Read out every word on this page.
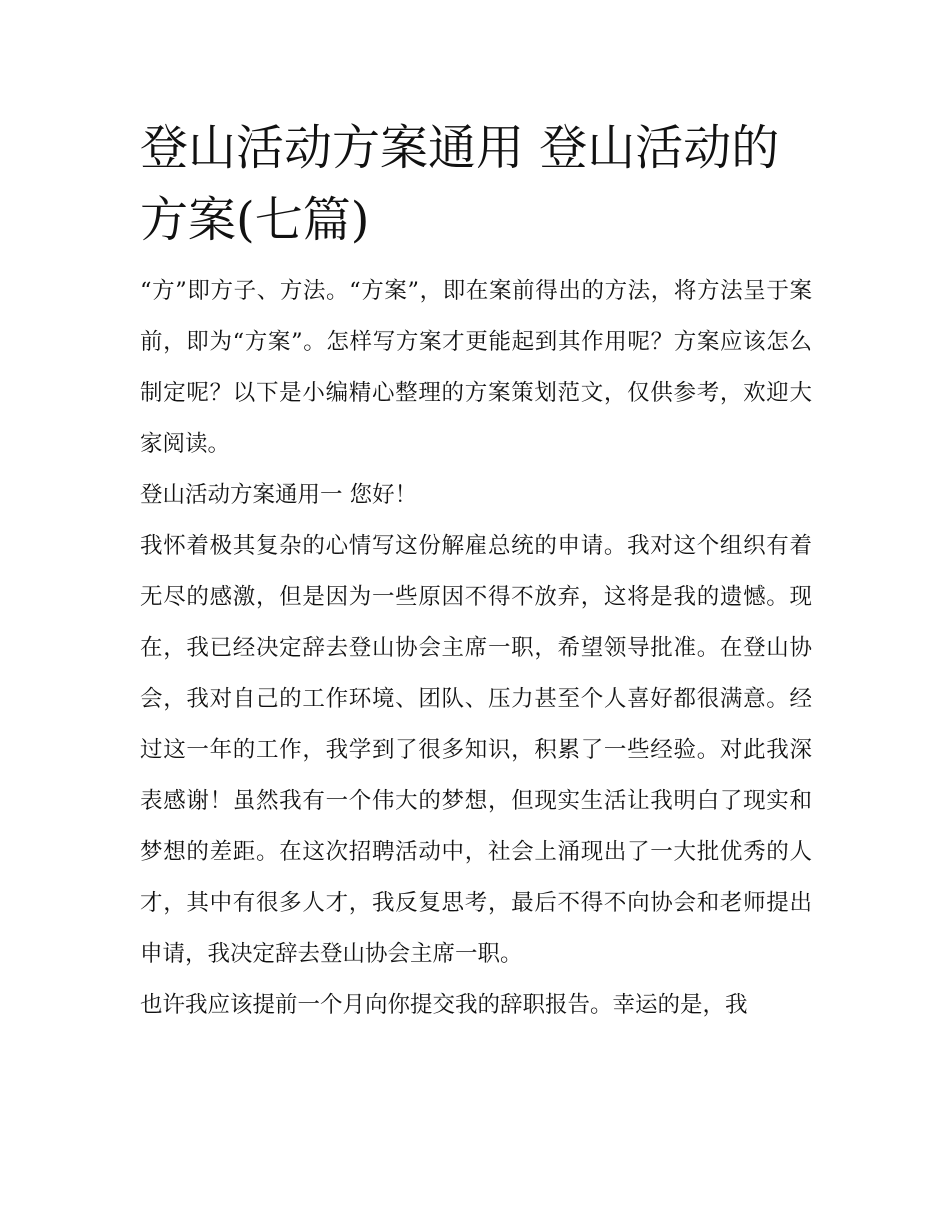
登山活动方案通用 登山活动的方案(七篇)

“方”即方子、方法。“方案”，即在案前得出的方法，将方法呈于案前，即为“方案”。怎样写方案才更能起到其作用呢？方案应该怎么制定呢？以下是小编精心整理的方案策划范文，仅供参考，欢迎大家阅读。

登山活动方案通用一 您好！

我怀着极其复杂的心情写这份解雇总统的申请。我对这个组织有着无尽的感激，但是因为一些原因不得不放弃，这将是我的遗憾。现在，我已经决定辞去登山协会主席一职，希望领导批准。在登山协会，我对自己的工作环境、团队、压力甚至个人喜好都很满意。经过这一年的工作，我学到了很多知识，积累了一些经验。对此我深表感谢！虽然我有一个伟大的梦想，但现实生活让我明白了现实和梦想的差距。在这次招聘活动中，社会上涌现出了一大批优秀的人才，其中有很多人才，我反复思考，最后不得不向协会和老师提出申请，我决定辞去登山协会主席一职。

也许我应该提前一个月向你提交我的辞职报告。幸运的是，我
